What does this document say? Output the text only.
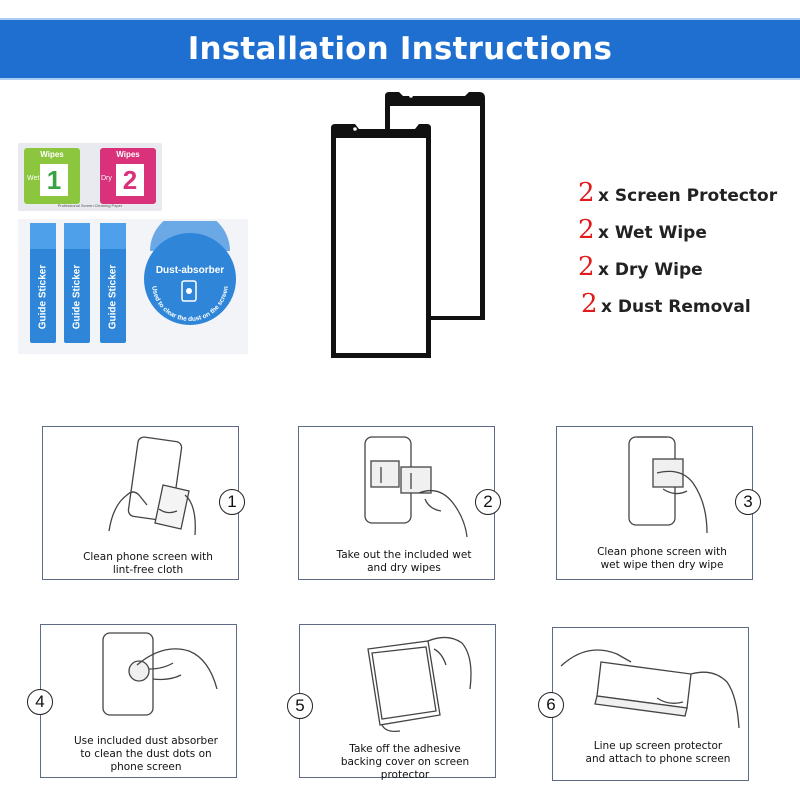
Installation Instructions
Wipes
Wet 1
Wipes
Dry 2
Professional Screen Cleaning Paper
Guide Sticker Guide Sticker	Guide Sticker	Dust-absorber
Used to clear the dust on the screen
2 x Screen Protector
2 x Wet Wipe
2 x Dry Wipe
2 x Dust Removal
1
Clean phone screen with lint-free cloth
2
Take out the included wet and dry wipes
3
Clean phone screen with wet wipe then dry wipe
4
Use included dust absorber to clean the dust dots on phone screen
5
Take off the adhesive backing cover on screen protector
6
Line up screen protector and attach to phone screen
